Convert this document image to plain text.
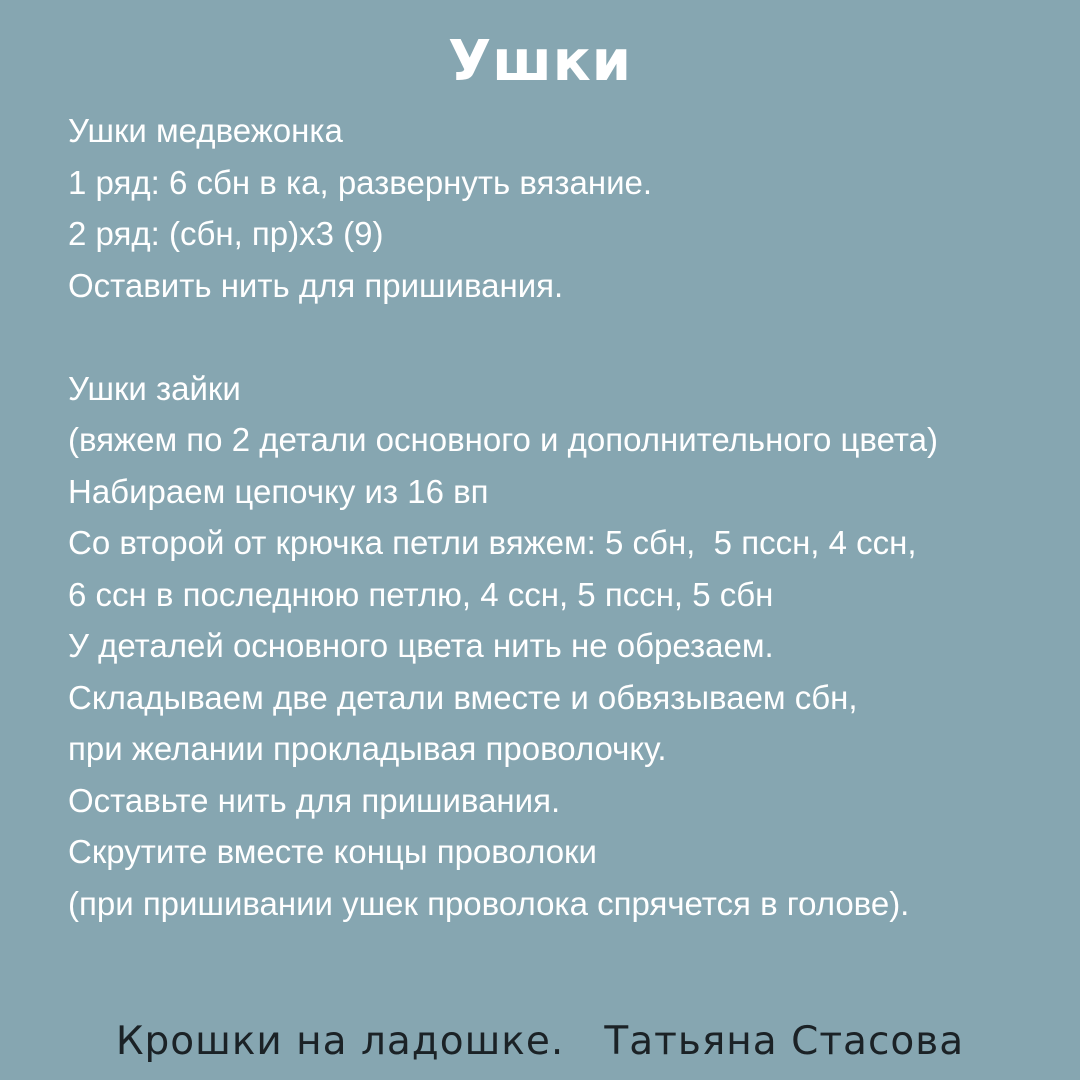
Ушки
Ушки медвежонка
1 ряд: 6 сбн в ка, развернуть вязание.
2 ряд: (сбн, пр)х3 (9)
Оставить нить для пришивания.
Ушки зайки
(вяжем по 2 детали основного и дополнительного цвета)
Набираем цепочку из 16 вп
Со второй от крючка петли вяжем: 5 сбн,  5 пссн, 4 ссн,
6 ссн в последнюю петлю, 4 ссн, 5 пссн, 5 сбн
У деталей основного цвета нить не обрезаем.
Складываем две детали вместе и обвязываем сбн,
при желании прокладывая проволочку.
Оставьте нить для пришивания.
Скрутите вместе концы проволоки
(при пришивании ушек проволока спрячется в голове).
Крошки на ладошке.   Татьяна Стасова
